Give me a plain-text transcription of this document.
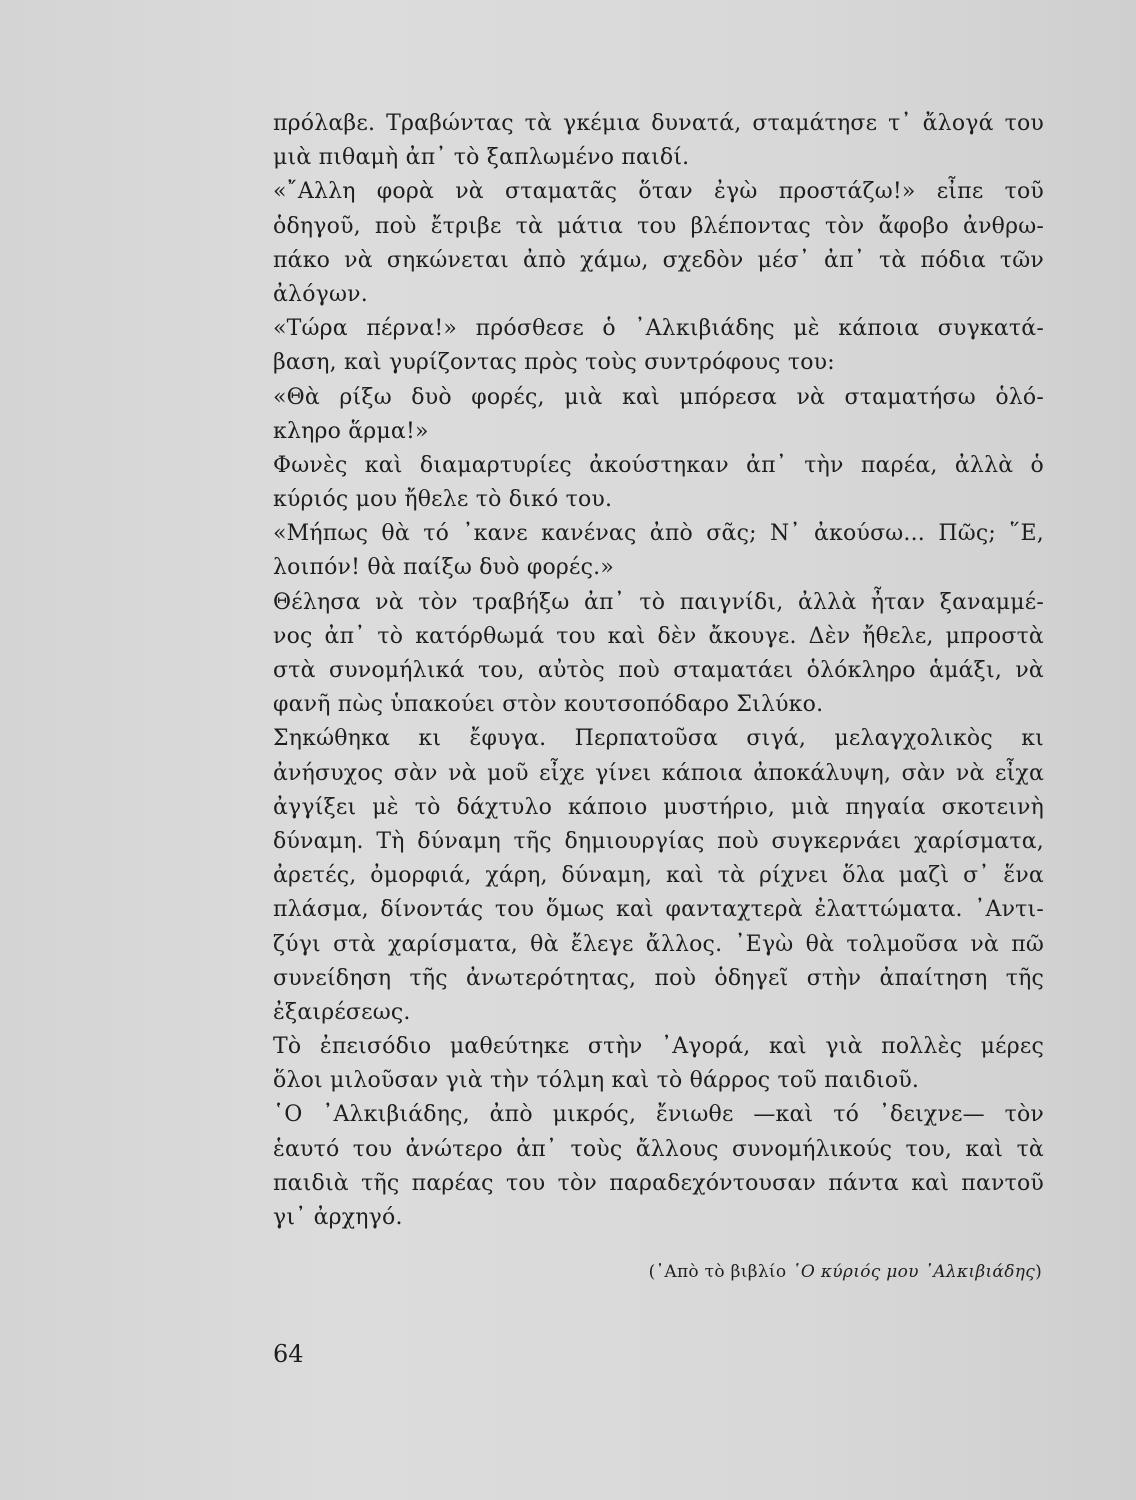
πρόλαβε. Τραβώντας τὰ γκέμια δυνατά, σταμάτησε τ᾿ ἄλογά του
μιὰ πιθαμὴ ἀπ᾿ τὸ ξαπλωμένο παιδί.
«῎Αλλη φορὰ νὰ σταματᾶς ὅταν ἐγὼ προστάζω!» εἶπε τοῦ
ὁδηγοῦ, ποὺ ἔτριβε τὰ μάτια του βλέποντας τὸν ἄφοβο ἀνθρω-
πάκο νὰ σηκώνεται ἀπὸ χάμω, σχεδὸν μέσ᾿ ἀπ᾿ τὰ πόδια τῶν
ἀλόγων.
«Τώρα πέρνα!» πρόσθεσε ὁ ᾿Αλκιβιάδης μὲ κάποια συγκατά-
βαση, καὶ γυρίζοντας πρὸς τοὺς συντρόφους του:
«Θὰ ρίξω δυὸ φορές, μιὰ καὶ μπόρεσα νὰ σταματήσω ὁλό-
κληρο ἅρμα!»
Φωνὲς καὶ διαμαρτυρίες ἀκούστηκαν ἀπ᾿ τὴν παρέα, ἀλλὰ ὁ
κύριός μου ἤθελε τὸ δικό του.
«Μήπως θὰ τό ᾿κανε κανένας ἀπὸ σᾶς; Ν᾿ ἀκούσω... Πῶς; ῞Ε,
λοιπόν! θὰ παίξω δυὸ φορές.»
Θέλησα νὰ τὸν τραβήξω ἀπ᾿ τὸ παιγνίδι, ἀλλὰ ἦταν ξαναμμέ-
νος ἀπ᾿ τὸ κατόρθωμά του καὶ δὲν ἄκουγε. Δὲν ἤθελε, μπροστὰ
στὰ συνομήλικά του, αὐτὸς ποὺ σταματάει ὁλόκληρο ἁμάξι, νὰ
φανῆ πὼς ὑπακούει στὸν κουτσοπόδαρο Σιλύκο.
Σηκώθηκα κι ἔφυγα. Περπατοῦσα σιγά, μελαγχολικὸς κι
ἀνήσυχος σὰν νὰ μοῦ εἶχε γίνει κάποια ἀποκάλυψη, σὰν νὰ εἶχα
ἀγγίξει μὲ τὸ δάχτυλο κάποιο μυστήριο, μιὰ πηγαία σκοτεινὴ
δύναμη. Τὴ δύναμη τῆς δημιουργίας ποὺ συγκερνάει χαρίσματα,
ἀρετές, ὀμορφιά, χάρη, δύναμη, καὶ τὰ ρίχνει ὅλα μαζὶ σ᾿ ἕνα
πλάσμα, δίνοντάς του ὅμως καὶ φανταχτερὰ ἐλαττώματα. ᾿Αντι-
ζύγι στὰ χαρίσματα, θὰ ἔλεγε ἄλλος. ᾿Εγὼ θὰ τολμοῦσα νὰ πῶ
συνείδηση τῆς ἀνωτερότητας, ποὺ ὁδηγεῖ στὴν ἀπαίτηση τῆς
ἐξαιρέσεως.
Τὸ ἐπεισόδιο μαθεύτηκε στὴν ᾿Αγορά, καὶ γιὰ πολλὲς μέρες
ὅλοι μιλοῦσαν γιὰ τὴν τόλμη καὶ τὸ θάρρος τοῦ παιδιοῦ.
῾Ο ᾿Αλκιβιάδης, ἀπὸ μικρός, ἔνιωθε —καὶ τό ᾿δειχνε— τὸν
ἑαυτό του ἀνώτερο ἀπ᾿ τοὺς ἄλλους συνομήλικούς του, καὶ τὰ
παιδιὰ τῆς παρέας του τὸν παραδεχόντουσαν πάντα καὶ παντοῦ
γι᾿ ἀρχηγό.
(᾿Απὸ τὸ βιβλίο ῾Ο κύριός μου ᾿Αλκιβιάδης)
64
